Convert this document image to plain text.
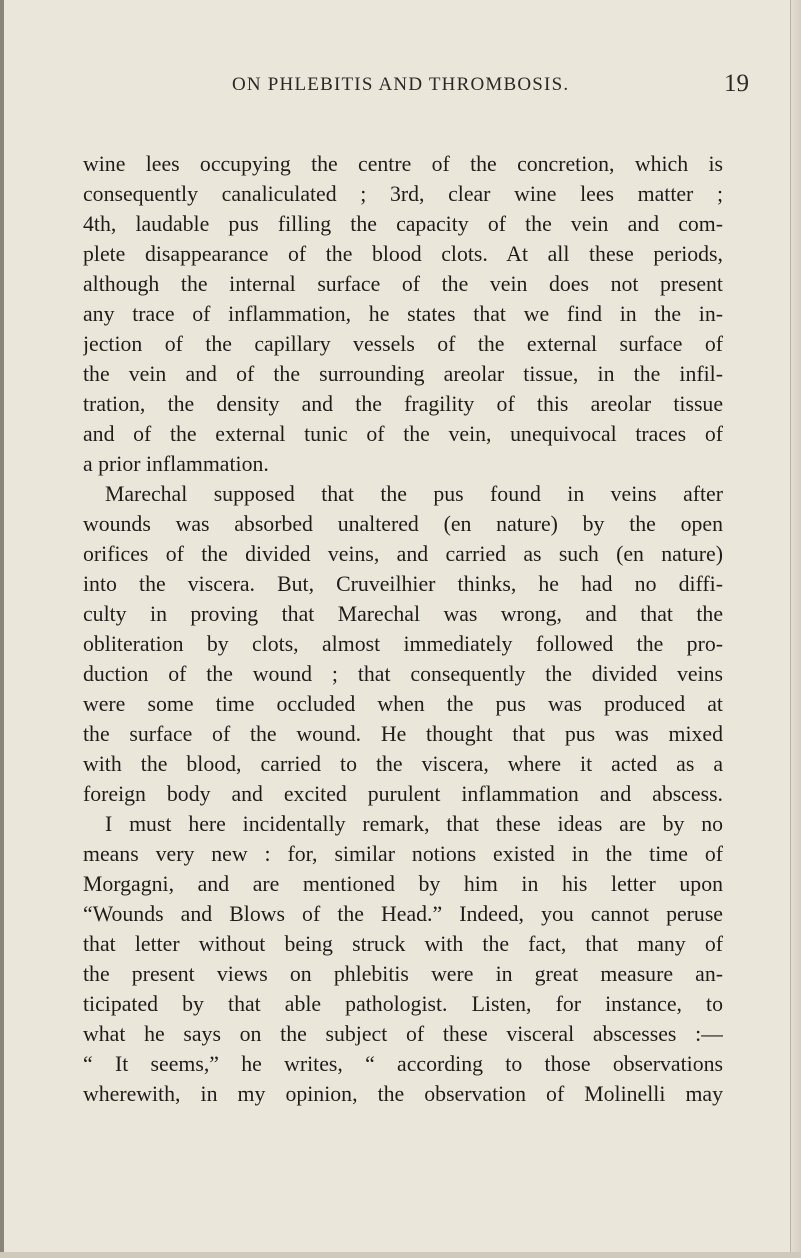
ON PHLEBITIS AND THROMBOSIS.	19
wine lees occupying the centre of the concretion, which is
consequently canaliculated ; 3rd, clear wine lees matter ;
4th, laudable pus filling the capacity of the vein and com-
plete disappearance of the blood clots. At all these periods,
although the internal surface of the vein does not present
any trace of inflammation, he states that we find in the in-
jection of the capillary vessels of the external surface of
the vein and of the surrounding areolar tissue, in the infil-
tration, the density and the fragility of this areolar tissue
and of the external tunic of the vein, unequivocal traces of
a prior inflammation.
Marechal supposed that the pus found in veins after
wounds was absorbed unaltered (en nature) by the open
orifices of the divided veins, and carried as such (en nature)
into the viscera. But, Cruveilhier thinks, he had no diffi-
culty in proving that Marechal was wrong, and that the
obliteration by clots, almost immediately followed the pro-
duction of the wound ; that consequently the divided veins
were some time occluded when the pus was produced at
the surface of the wound. He thought that pus was mixed
with the blood, carried to the viscera, where it acted as a
foreign body and excited purulent inflammation and abscess.
I must here incidentally remark, that these ideas are by no
means very new : for, similar notions existed in the time of
Morgagni, and are mentioned by him in his letter upon
“Wounds and Blows of the Head.” Indeed, you cannot peruse
that letter without being struck with the fact, that many of
the present views on phlebitis were in great measure an-
ticipated by that able pathologist. Listen, for instance, to
what he says on the subject of these visceral abscesses :—
“ It seems,” he writes, “ according to those observations
wherewith, in my opinion, the observation of Molinelli may
